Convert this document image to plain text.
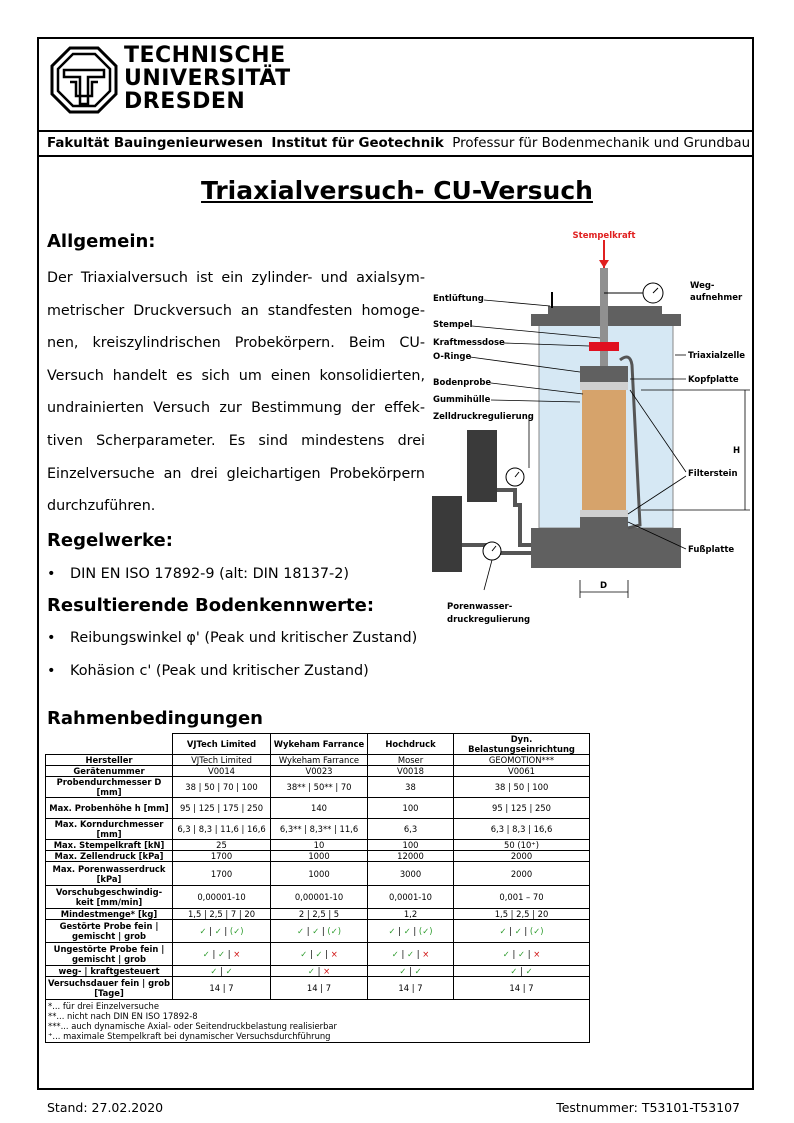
TECHNISCHE
UNIVERSITÄT
DRESDEN
Fakultät Bauingenieurwesen Institut für Geotechnik Professur für Bodenmechanik und Grundbau
Triaxialversuch- CU-Versuch
Allgemein:
Der Triaxialversuch ist ein zylinder- und axialsym-
metrischer Druckversuch an standfesten homoge-
nen, kreiszylindrischen Probekörpern. Beim CU-
Versuch handelt es sich um einen konsolidierten,
undrainierten Versuch zur Bestimmung der effek-
tiven Scherparameter. Es sind mindestens drei
Einzelversuche an drei gleichartigen Probekörpern
durchzuführen.
Regelwerke:
• DIN EN ISO 17892-9 (alt: DIN 18137-2)
Resultierende Bodenkennwerte:
• Reibungswinkel φ' (Peak und kritischer Zustand)
• Kohäsion c' (Peak und kritischer Zustand)
Stempelkraft
Weg-
aufnehmer
Entlüftung
Stempel
Kraftmessdose
O-Ringe	Triaxialzelle
Kopfplatte
Bodenprobe
Gummihülle
Zelldruckregulierung
H
Filterstein
Fußplatte
D
Porenwasser-
druckregulierung
Rahmenbedingungen
	VJTech Limited	Wykeham Farrance	Hochdruck	Dyn. Belastungseinrichtung
Hersteller	VJTech Limited	Wykeham Farrance	Moser	GEOMOTION***
Gerätenummer	V0014	V0023	V0018	V0061
Probendurchmesser D [mm]	38 | 50 | 70 | 100	38** | 50** | 70	38	38 | 50 | 100
Max. Probenhöhe h [mm]	95 | 125 | 175 | 250	140	100	95 | 125 | 250
Max. Korndurchmesser [mm]	6,3 | 8,3 | 11,6 | 16,6	6,3** | 8,3** | 11,6	6,3	6,3 | 8,3 | 16,6
Max. Stempelkraft [kN]	25	10	100	50 (10⁺)
Max. Zellendruck [kPa]	1700	1000	12000	2000
Max. Porenwasserdruck [kPa]	1700	1000	3000	2000
Vorschubgeschwindig-keit [mm/min]	0,00001-10	0,00001-10	0,0001-10	0,001 – 70
Mindestmenge* [kg]	1,5 | 2,5 | 7 | 20	2 | 2,5 | 5	1,2	1,5 | 2,5 | 20
Gestörte Probe fein | gemischt | grob	✓ | ✓ | (✓)	✓ | ✓ | (✓)	✓ | ✓ | (✓)	✓ | ✓ | (✓)
Ungestörte Probe fein | gemischt | grob	✓ | ✓ | ×	✓ | ✓ | ×	✓ | ✓ | ×	✓ | ✓ | ×
weg- | kraftgesteuert	✓ | ✓	✓ | ×	✓ | ✓	✓ | ✓
Versuchsdauer fein | grob [Tage]	14 | 7	14 | 7	14 | 7	14 | 7

*... für drei Einzelversuche
**... nicht nach DIN EN ISO 17892-8
***... auch dynamische Axial- oder Seitendruckbelastung realisierbar
⁺... maximale Stempelkraft bei dynamischer Versuchsdurchführung				
Stand: 27.02.2020	Testnummer: T53101-T53107
